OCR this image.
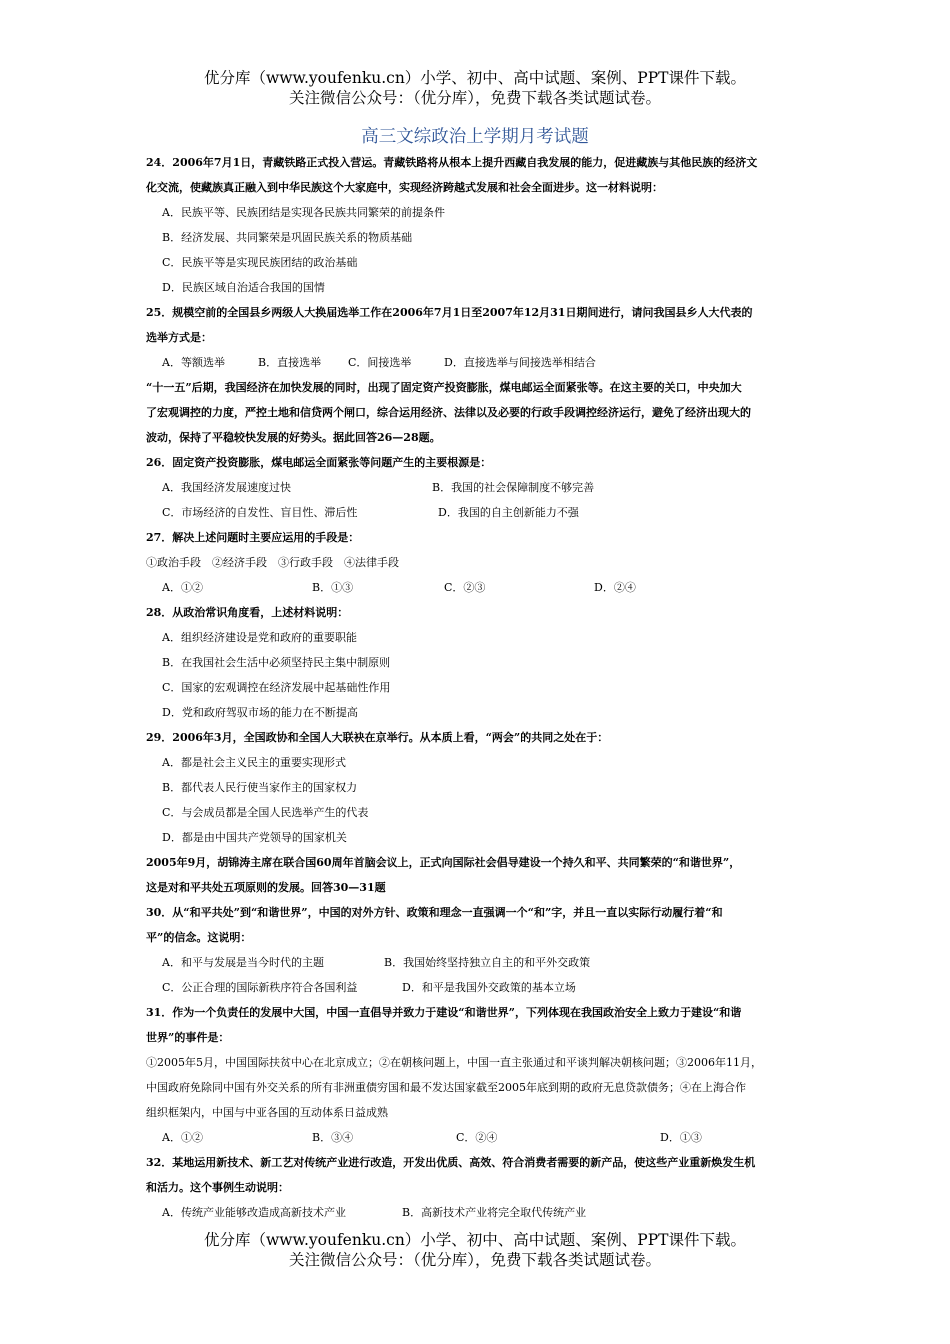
优分库（www.youfenku.cn）小学、初中、高中试题、案例、PPT课件下载。
关注微信公众号：（优分库），免费下载各类试题试卷。
高三文综政治上学期月考试题
24．2006年7月1日，青藏铁路正式投入营运。青藏铁路将从根本上提升西藏自我发展的能力，促进藏族与其他民族的经济文
化交流，使藏族真正融入到中华民族这个大家庭中，实现经济跨越式发展和社会全面进步。这一材料说明：
A．民族平等、民族团结是实现各民族共同繁荣的前提条件
B．经济发展、共同繁荣是巩固民族关系的物质基础
C．民族平等是实现民族团结的政治基础
D．民族区域自治适合我国的国情
25．规模空前的全国县乡两级人大换届选举工作在2006年7月1日至2007年12月31日期间进行，请问我国县乡人大代表的
选举方式是：
A．等额选举	B．直接选举 C．间接选举	D．直接选举与间接选举相结合
“十一五”后期，我国经济在加快发展的同时，出现了固定资产投资膨胀，煤电邮运全面紧张等。在这主要的关口，中央加大
了宏观调控的力度，严控土地和信贷两个闸口，综合运用经济、法律以及必要的行政手段调控经济运行，避免了经济出现大的
波动，保持了平稳较快发展的好势头。据此回答26—28题。
26．固定资产投资膨胀，煤电邮运全面紧张等问题产生的主要根源是：
A．我国经济发展速度过快	B．我国的社会保障制度不够完善
C．市场经济的自发性、盲目性、滞后性	D．我国的自主创新能力不强
27．解决上述问题时主要应运用的手段是：
①政治手段　②经济手段　③行政手段　④法律手段
A．①②	B．①③	C．②③	D．②④
28．从政治常识角度看，上述材料说明：
A．组织经济建设是党和政府的重要职能
B．在我国社会生活中必须坚持民主集中制原则
C．国家的宏观调控在经济发展中起基础性作用
D．党和政府驾驭市场的能力在不断提高
29．2006年3月，全国政协和全国人大联袂在京举行。从本质上看，“两会”的共同之处在于：
A．都是社会主义民主的重要实现形式
B．都代表人民行使当家作主的国家权力
C．与会成员都是全国人民选举产生的代表
D．都是由中国共产党领导的国家机关
2005年9月，胡锦涛主席在联合国60周年首脑会议上，正式向国际社会倡导建设一个持久和平、共同繁荣的“和谐世界”，
这是对和平共处五项原则的发展。回答30—31题
30．从“和平共处”到“和谐世界”，中国的对外方针、政策和理念一直强调一个“和”字，并且一直以实际行动履行着“和
平”的信念。这说明：
A．和平与发展是当今时代的主题	B．我国始终坚持独立自主的和平外交政策
C．公正合理的国际新秩序符合各国利益	D．和平是我国外交政策的基本立场
31．作为一个负责任的发展中大国，中国一直倡导并致力于建设“和谐世界”，下列体现在我国政治安全上致力于建设“和谐
世界”的事件是：
①2005年5月，中国国际扶贫中心在北京成立；②在朝核问题上，中国一直主张通过和平谈判解决朝核问题；③2006年11月，
中国政府免除同中国有外交关系的所有非洲重债穷国和最不发达国家截至2005年底到期的政府无息贷款债务；④在上海合作
组织框架内，中国与中亚各国的互动体系日益成熟
A．①②	B．③④	C．②④	D．①③
32．某地运用新技术、新工艺对传统产业进行改造，开发出优质、高效、符合消费者需要的新产品，使这些产业重新焕发生机
和活力。这个事例生动说明：
A．传统产业能够改造成高新技术产业	B．高新技术产业将完全取代传统产业
优分库（www.youfenku.cn）小学、初中、高中试题、案例、PPT课件下载。
关注微信公众号：（优分库），免费下载各类试题试卷。
